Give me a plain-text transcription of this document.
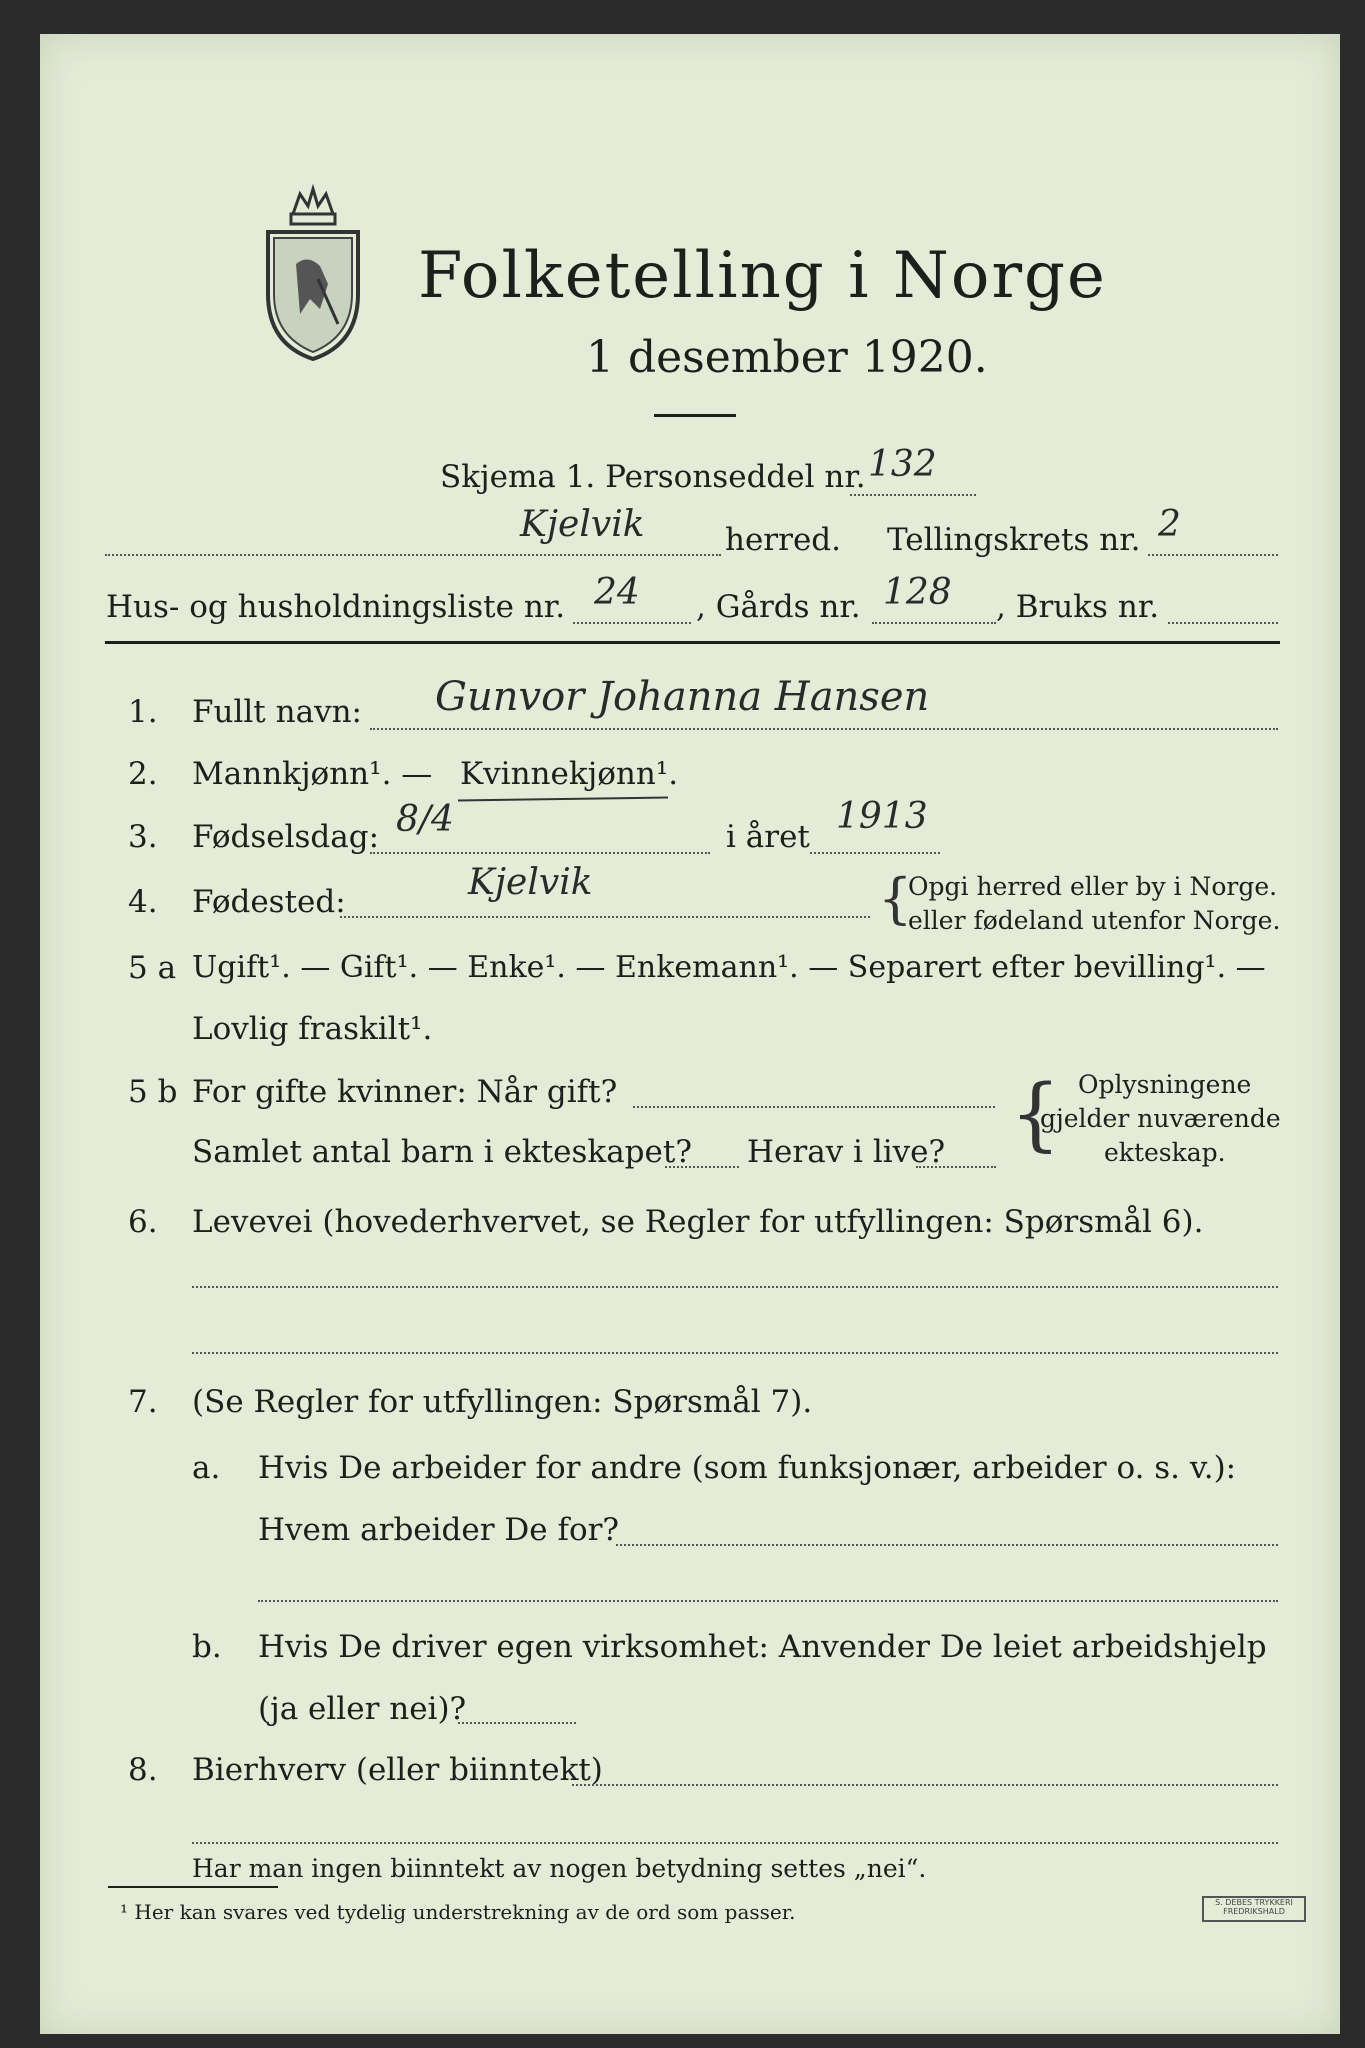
Folketelling i Norge
1 desember 1920.
Skjema 1. Personseddel nr. 132
Kjelvik	herred. Tellingskrets nr. 2
Hus- og husholdningsliste nr. 24 , Gårds nr. 128 , Bruks nr.
1. Fullt navn: Gunvor Johanna Hansen
2. Mannkjønn¹. — Kvinnekjønn¹.
3. Fødselsdag: 8/4	i året 1913
4. Fødested:	Kjelvik	{
Opgi herred eller by i Norge.
eller fødeland utenfor Norge.
5 a Ugift¹. — Gift¹. — Enke¹. — Enkemann¹. — Separert efter bevilling¹. —
Lovlig fraskilt¹.
5 b For gifte kvinner: Når gift?
Samlet antal barn i ekteskapet? Herav i live? { Oplysningene
gjelder nuværende
ekteskap.
6. Levevei (hovederhvervet, se Regler for utfyllingen: Spørsmål 6).
7. (Se Regler for utfyllingen: Spørsmål 7).
a. Hvis De arbeider for andre (som funksjonær, arbeider o. s. v.):
Hvem arbeider De for?
b. Hvis De driver egen virksomhet: Anvender De leiet arbeidshjelp
(ja eller nei)?
8. Bierhverv (eller biinntekt)
Har man ingen biinntekt av nogen betydning settes „nei“.
¹ Her kan svares ved tydelig understrekning av de ord som passer.	S. DEBES TRYKKERI FREDRIKSHALD
